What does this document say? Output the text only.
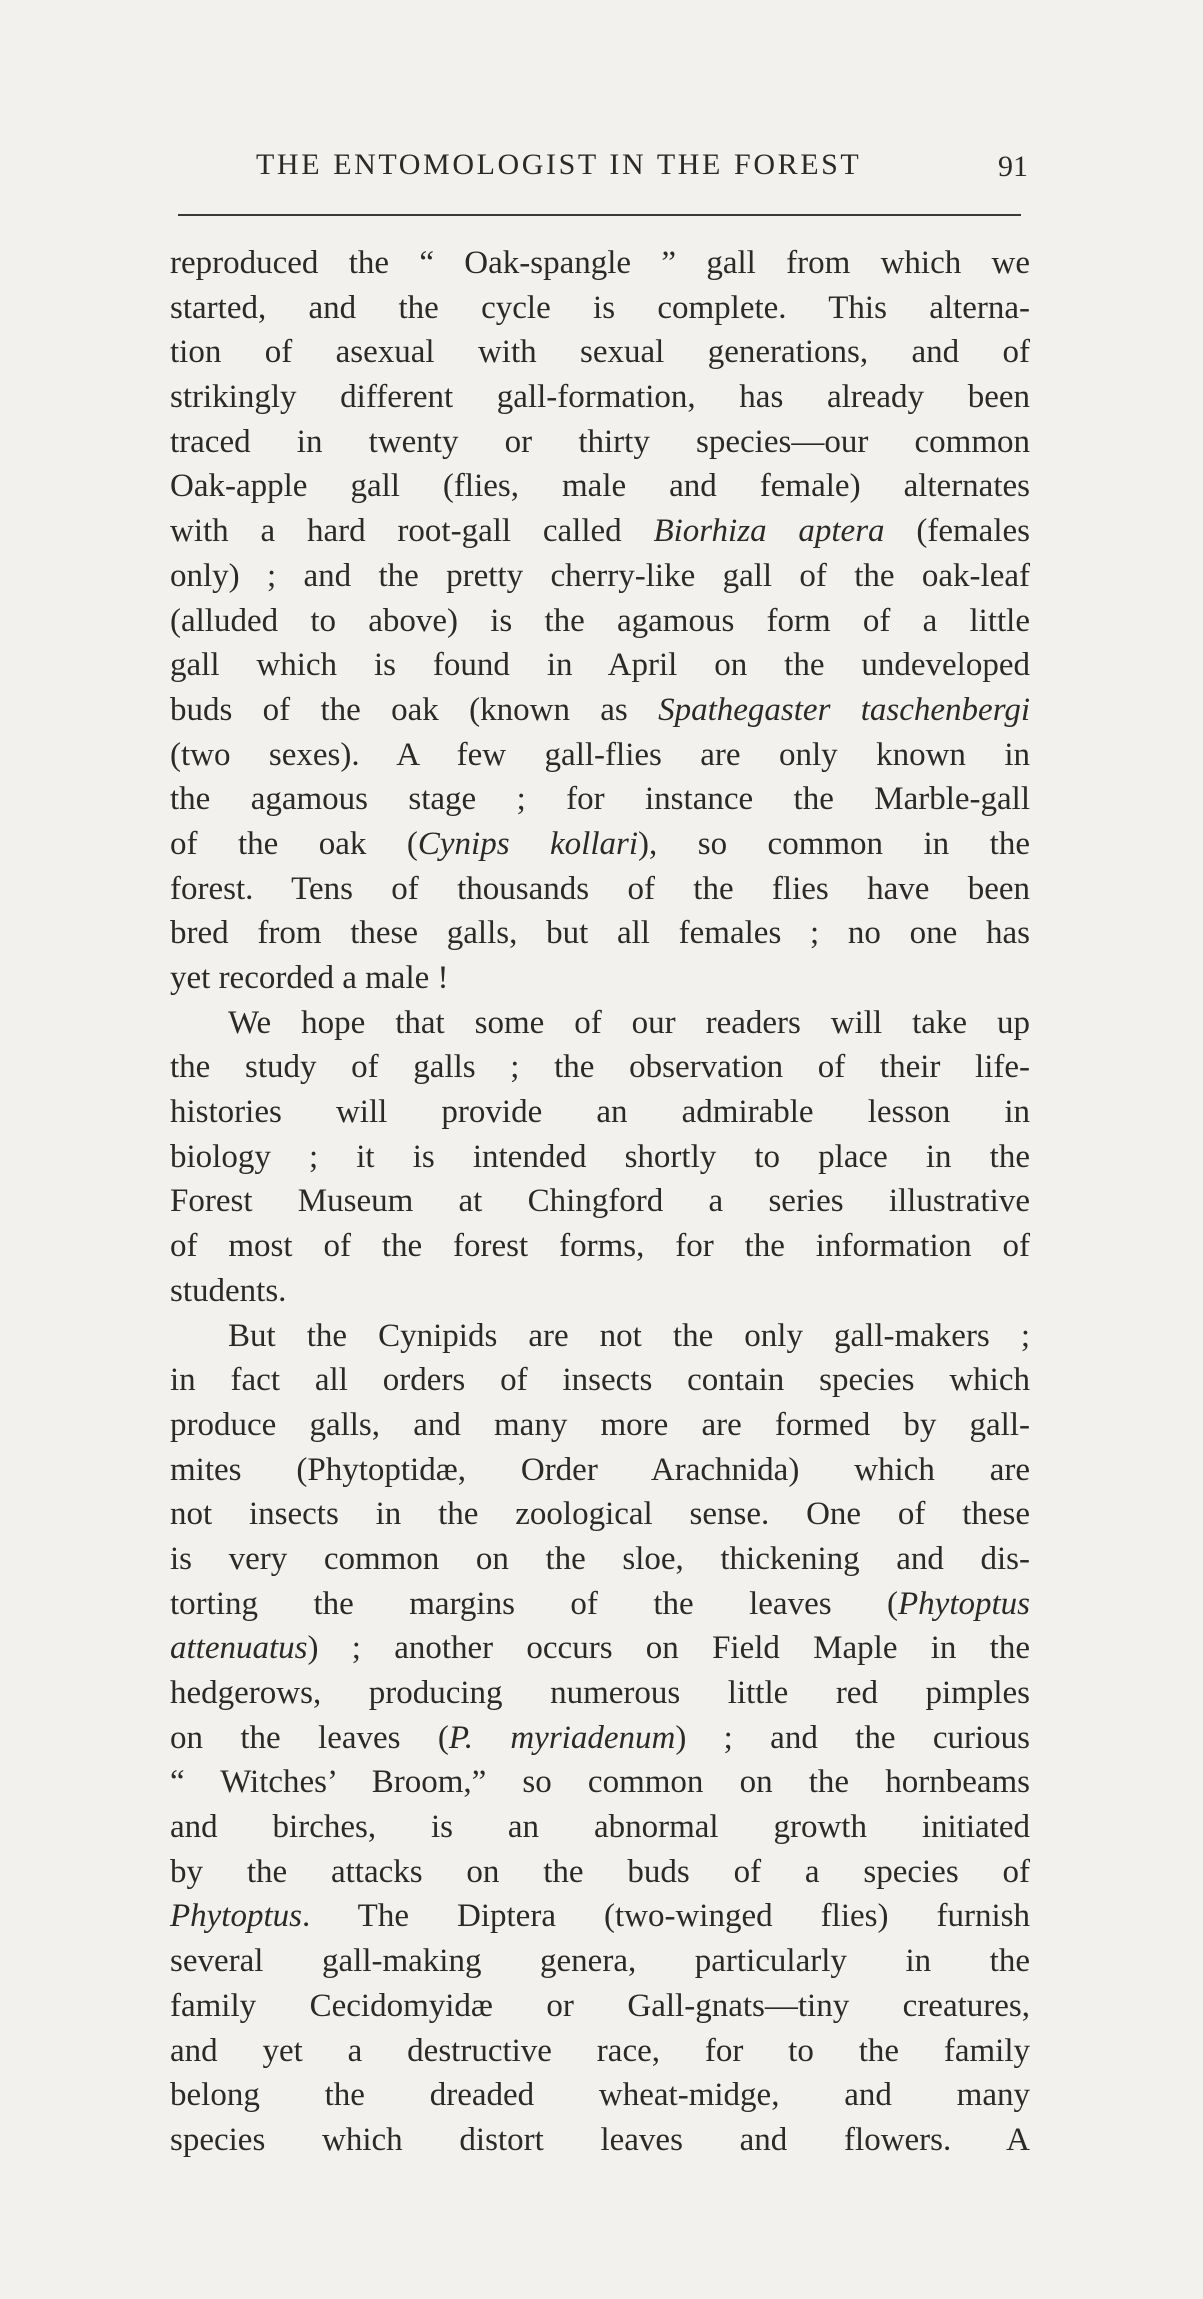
THE ENTOMOLOGIST IN THE FOREST	91
reproduced the “ Oak-spangle ” gall from which we
started, and the cycle is complete. This alterna-
tion of asexual with sexual generations, and of
strikingly different gall-formation, has already been
traced in twenty or thirty species—our common
Oak-apple gall (flies, male and female) alternates
with a hard root-gall called Biorhiza aptera (females
only) ; and the pretty cherry-like gall of the oak-leaf
(alluded to above) is the agamous form of a little
gall which is found in April on the undeveloped
buds of the oak (known as Spathegaster taschenbergi
(two sexes). A few gall-flies are only known in
the agamous stage ; for instance the Marble-gall
of the oak (Cynips kollari), so common in the
forest. Tens of thousands of the flies have been
bred from these galls, but all females ; no one has
yet recorded a male !
We hope that some of our readers will take up
the study of galls ; the observation of their life-
histories will provide an admirable lesson in
biology ; it is intended shortly to place in the
Forest Museum at Chingford a series illustrative
of most of the forest forms, for the information of
students.
But the Cynipids are not the only gall-makers ;
in fact all orders of insects contain species which
produce galls, and many more are formed by gall-
mites (Phytoptidæ, Order Arachnida) which are
not insects in the zoological sense. One of these
is very common on the sloe, thickening and dis-
torting the margins of the leaves (Phytoptus
attenuatus) ; another occurs on Field Maple in the
hedgerows, producing numerous little red pimples
on the leaves (P. myriadenum) ; and the curious
“ Witches’ Broom,” so common on the hornbeams
and birches, is an abnormal growth initiated
by the attacks on the buds of a species of
Phytoptus. The Diptera (two-winged flies) furnish
several gall-making genera, particularly in the
family Cecidomyidæ or Gall-gnats—tiny creatures,
and yet a destructive race, for to the family
belong the dreaded wheat-midge, and many
species which distort leaves and flowers. A
